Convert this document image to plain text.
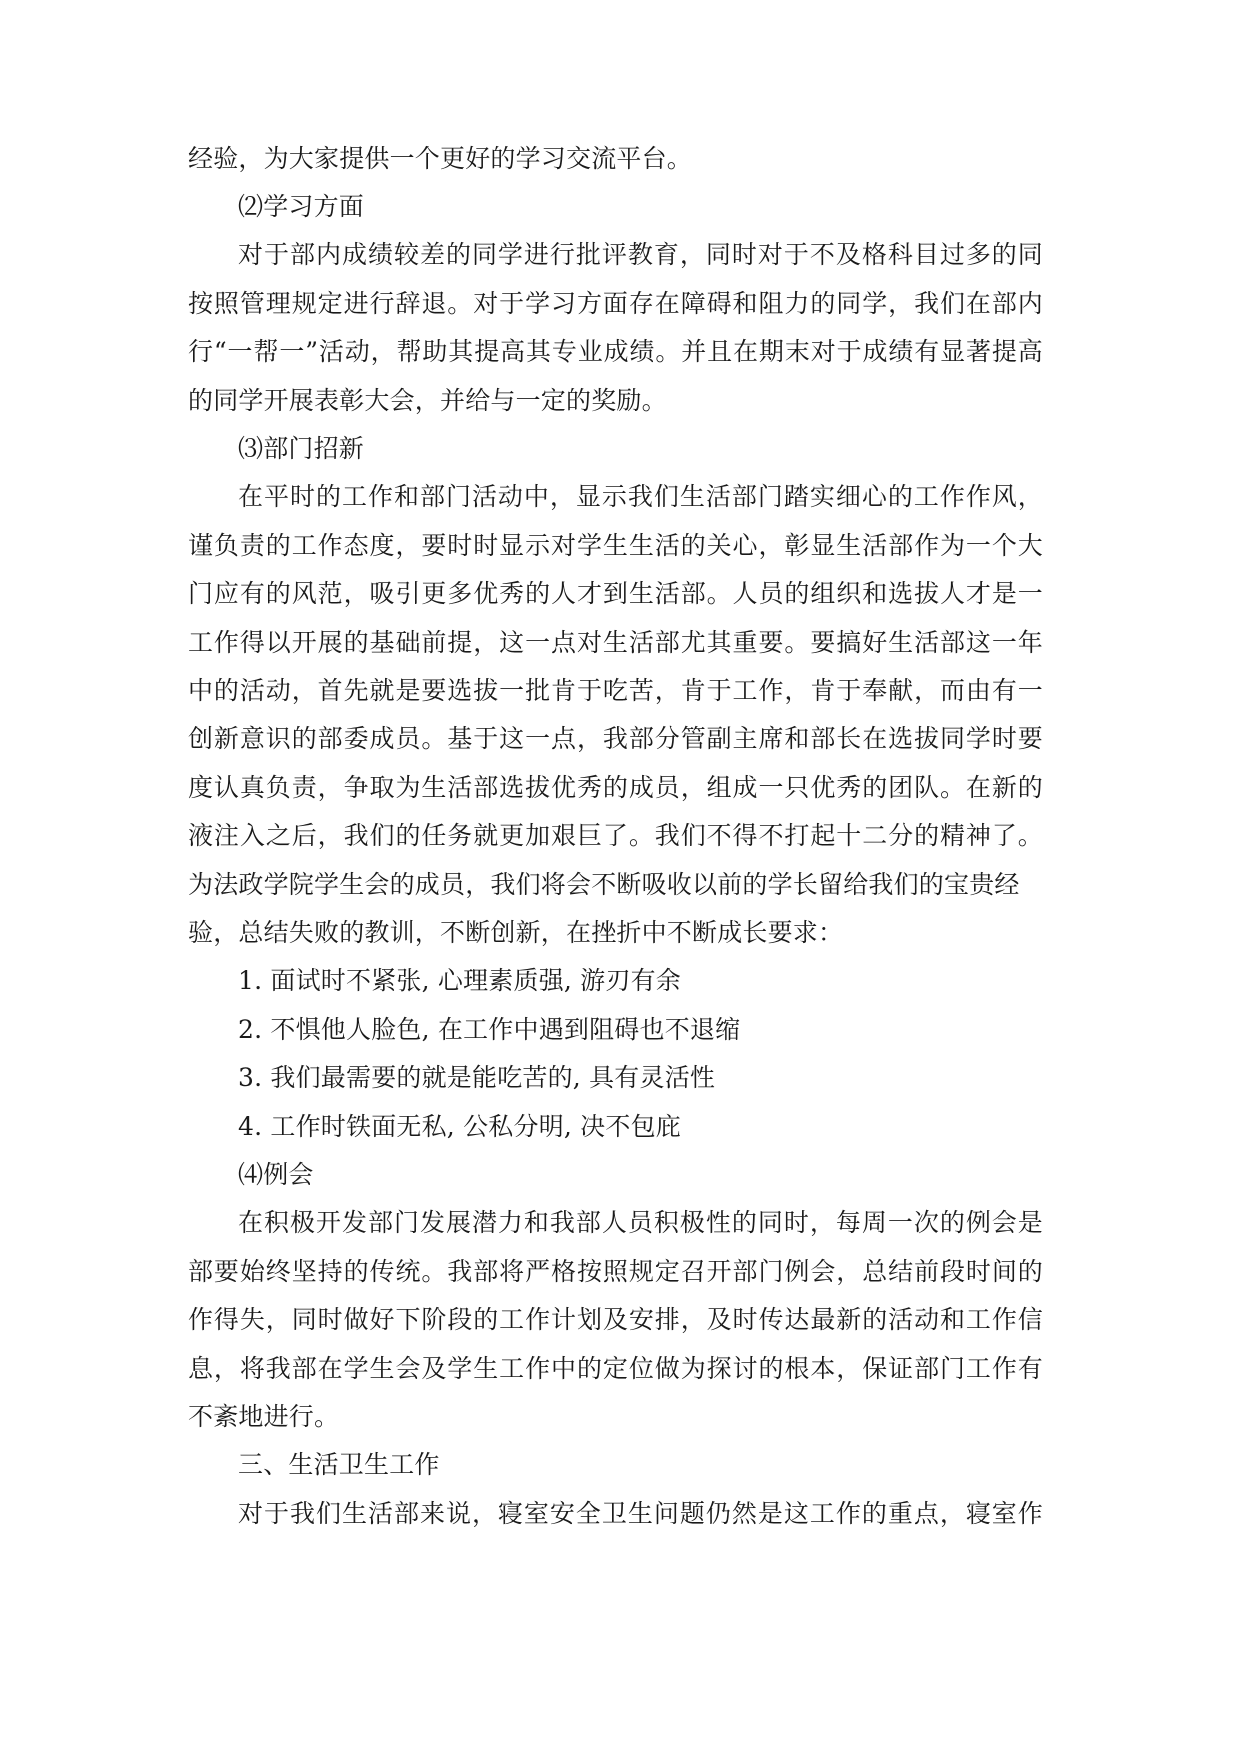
经验，为大家提供一个更好的学习交流平台。
⑵学习方面
对于部内成绩较差的同学进行批评教育，同时对于不及格科目过多的同
按照管理规定进行辞退。对于学习方面存在障碍和阻力的同学，我们在部内
行“一帮一”活动，帮助其提高其专业成绩。并且在期末对于成绩有显著提高
的同学开展表彰大会，并给与一定的奖励。
⑶部门招新
在平时的工作和部门活动中，显示我们生活部门踏实细心的工作作风，
谨负责的工作态度，要时时显示对学生生活的关心，彰显生活部作为一个大
门应有的风范，吸引更多优秀的人才到生活部。人员的组织和选拔人才是一
工作得以开展的基础前提，这一点对生活部尤其重要。要搞好生活部这一年
中的活动，首先就是要选拔一批肯于吃苦，肯于工作，肯于奉献，而由有一
创新意识的部委成员。基于这一点，我部分管副主席和部长在选拔同学时要
度认真负责，争取为生活部选拔优秀的成员，组成一只优秀的团队。在新的
液注入之后，我们的任务就更加艰巨了。我们不得不打起十二分的精神了。
为法政学院学生会的成员，我们将会不断吸收以前的学长留给我们的宝贵经
验，总结失败的教训，不断创新，在挫折中不断成长要求：
1. 面试时不紧张, 心理素质强, 游刃有余
2. 不惧他人脸色, 在工作中遇到阻碍也不退缩
3. 我们最需要的就是能吃苦的, 具有灵活性
4. 工作时铁面无私, 公私分明, 决不包庇
⑷例会
在积极开发部门发展潜力和我部人员积极性的同时，每周一次的例会是
部要始终坚持的传统。我部将严格按照规定召开部门例会，总结前段时间的
作得失，同时做好下阶段的工作计划及安排，及时传达最新的活动和工作信
息，将我部在学生会及学生工作中的定位做为探讨的根本，保证部门工作有
不紊地进行。
三、生活卫生工作
对于我们生活部来说，寝室安全卫生问题仍然是这工作的重点，寝室作
